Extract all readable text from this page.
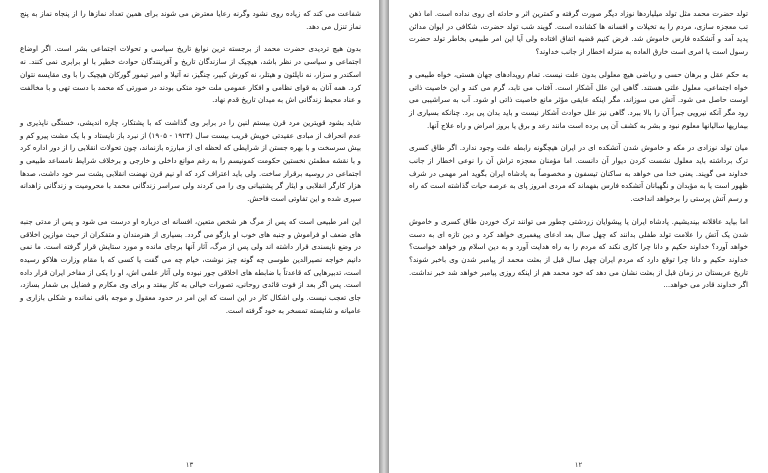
شفاعت می کند که زیاده روی نشود وگرنه رعایا معترض می شوند برای همین تعداد نمازها را از پنجاه نماز به پنج نماز تنزل می دهد.

بدون هیچ تردیدی حضرت محمد از برجسته ترین نوابغ تاریخ سیاسی و تحولات اجتماعی بشر است. اگر اوضاع اجتماعی و سیاسی در نظر باشد، هیچیک از سازندگان تاریخ و آفرینندگان حوادث خطیر با او برابری نمی کنند. نه اسکندر و سزار، نه ناپلئون و هیتلر، نه کورش کبیر، چنگیز، نه آتیلا و امیر تیمور گورکان هیچیک را با وی مقایسه نتوان کرد. همه آنان به قوای نظامی و افکار عمومی ملت خود متکی بودند در صورتی که محمد با دست تهی و با مخالفت و عناد محیط زندگانی اش به میدان تاریخ قدم نهاد.

شاید بشود قویترین مرد قرن بیستم لنین را در برابر وی گذاشت که با پشتکار، چاره اندیشی، خستگی ناپذیری و عدم انحراف از مبادی عقیدتی خویش قریب بیست سال (۱۹۲۴ - ۱۹۰۵) از نبرد باز نایستاد و با یک مشت پیرو کم و بیش سرسخت و با بهره جستن از شرایطی که لحظه ای از مبارزه بازنماند، چون تحولات انقلابی را از دور اداره کرد و با نقشه مطمئن نخستین حکومت کمونیسم را به رغم موانع داخلی و خارجی و برخلاف شرایط نامساعد طبیعی و اجتماعی در روسیه برقرار ساخت. ولی باید اعتراف کرد که او نیم قرن نهضت انقلابی پشت سر خود داشت، صدها هزار کارگر انقلابی و ایثار گر پشتیبانی وی را می کردند ولی سراسر زندگانی محمد با محرومیت و زندگانی زاهدانه سپری شده و این تفاوتی است فاحش.

این امر طبیعی است که پس از مرگ هر شخص متعین، افسانه ای درباره او درست می شود و پس از مدتی جنبه های ضعف او فراموش و جنبه های خوب او بازگو می گردد. بسیاری از هنرمندان و متفکران از حیث موازین اخلاقی در وضع ناپسندی قرار داشته اند ولی پس از مرگ، آثار آنها برجای مانده و مورد ستایش قرار گرفته است. ما نمی دانیم خواجه نصیرالدین طوسی چه گونه چیز نوشت، خیام چه می گفت یا کسی که با مقام وزارت هلاکو رسیده است، تدبیرهایی که قاعدتاً با ضابطه های اخلاقی جور نبوده ولی آثار علمی اش، او را یکی از مفاخر ایران قرار داده است. پس اگر بعد از فوت قائدی روحانی، تصورات خیالی به کار بیفتد و برای وی مکارم و فضایل بی شمار بسازد، جای تعجب نیست. ولی اشکال کار در این است که این امر در حدود معقول و موجه باقی نمانده و شکلی بازاری و عامیانه و شایسته تمسخر به خود گرفته است.

۱۳

تولد حضرت محمد مثل تولد میلیاردها نوزاد دیگر صورت گرفته و کمترین اثر و حادثه ای روی نداده است. اما ذهن تب معجزه سازی، مردم را به تخیلات و افسانه ها کشانده است. گویند شب تولد حضرت، شکافی در ایوان مدائن پدید آمد و آتشکده فارس خاموش شد. فرض کنیم قضیه اتفاق افتاده ولی آیا این امر طبیعی بخاطر تولد حضرت رسول است یا امری است خارق العاده به منزله اخطار از جانب خداوند؟

به حکم عقل و برهان حسی و ریاضی هیچ معلولی بدون علت نیست. تمام رویدادهای جهان هستی، خواه طبیعی و خواه اجتماعی، معلول علتی هستند. گاهی این علل آشکار است. آفتاب می تابد، گرم می کند و این خاصیت ذاتی اوست حاصل می شود. آتش می سوزاند، مگر اینکه عایقی مؤثر مانع خاصیت ذاتی او شود. آب به سراشیبی می رود مگر آنکه نیرویی جبراً آن را بالا ببرد. گاهی نیز علل حوادث آشکار نیست و باید بدان پی برد. چنانکه بسیاری از بیماریها سالیانها معلوم نبود و بشر به کشف آن پی برده است مانند رعد و برق یا بروز امراض و راه علاج آنها.

میان تولد نوزادی در مکه و خاموش شدن آتشکده ای در ایران هیچگونه رابطه علت وجود ندارد. اگر طاق کسری ترک برداشته باید معلول نشست کردن دیوار آن دانست. اما مؤمنان معجزه تراش آن را نوعی اخطار از جانب خداوند می گویند. یعنی خدا می خواهد به ساکنان تیسفون و مخصوصاً به پادشاه ایران بگوید امر مهمی در شرف ظهور است یا به مؤبدان و نگهبانان آتشکده فارس بفهماند که مردی امروز پای به عرصه حیات گذاشته است که راه و رسم آتش پرستی را برخواهد انداخت.

اما بیاید عاقلانه بیندیشیم. پادشاه ایران یا پیشوایان زردشتی چطور می توانند ترک خوردن طاق کسری و خاموش شدن یک آتش را علامت تولد طفلی بدانند که چهل سال بعد ادعای پیغمبری خواهد کرد و دین تازه ای به دست خواهد آورد؟ خداوند حکیم و دانا چرا کاری نکند که مردم را به راه هدایت آورد و به دین اسلام ور خواهد خواست؟ خداوند حکیم و دانا چرا توقع دارد که مردم ایران چهل سال قبل از بعثت محمد از پیامبر شدن وی باخبر شوند؟ تاریخ عربستان در زمان قبل از بعثت نشان می دهد که خود محمد هم از اینکه روزی پیامبر خواهد شد خبر نداشت. اگر خداوند قادر می خواهد...

۱۲
